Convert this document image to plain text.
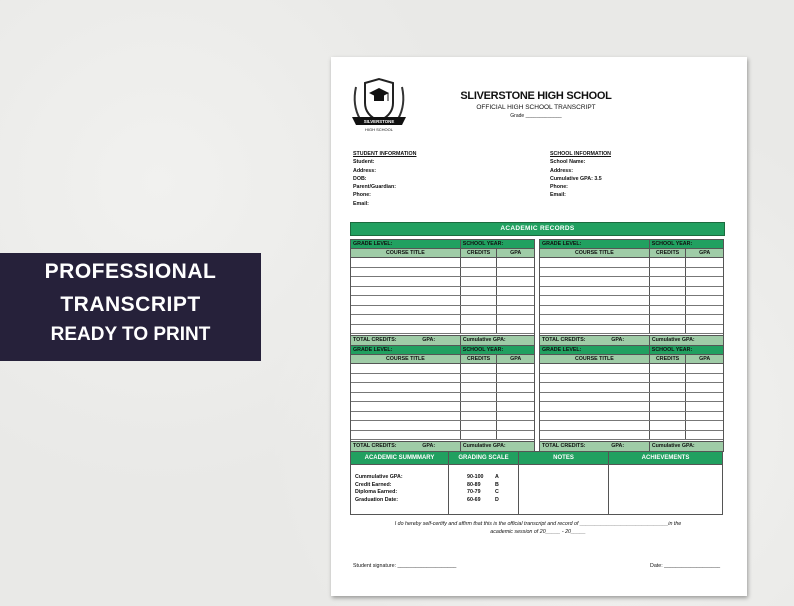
PROFESSIONAL
TRANSCRIPT
READY TO PRINT
SILVERSTONE
HIGH SCHOOL
SLIVERSTONE HIGH SCHOOL
OFFICIAL HIGH SCHOOL TRANSCRIPT
Grade _____________
STUDENT INFORMATION
Student:
Address:
DOB:
Parent/Guardian:
Phone:
Email:
SCHOOL INFORMATION
School Name:
Address:
Cumulative GPA: 3.5
Phone:
Email:
ACADEMIC RECORDS
GRADE LEVEL:	SCHOOL YEAR:
COURSE TITLE	CREDITS	GPA
TOTAL CREDITS:	GPA:	Cumulative GPA:
GRADE LEVEL:	SCHOOL YEAR:
COURSE TITLE	CREDITS	GPA
TOTAL CREDITS:	GPA:	Cumulative GPA:
GRADE LEVEL:	SCHOOL YEAR:
COURSE TITLE	CREDITS	GPA
TOTAL CREDITS:	GPA:	Cumulative GPA:
GRADE LEVEL:	SCHOOL YEAR:
COURSE TITLE	CREDITS	GPA
TOTAL CREDITS:	GPA:	Cumulative GPA:
ACADEMIC SUMMMARY
Cummulative GPA:
Credit Earned:
Diploma Earned:
Graduation Date:
GRADING SCALE
90-100	A
80-89	B
70-79	C
60-69	D
NOTES	ACHIEVEMENTS
I do hereby self-certify and affirm that this is the official transcript and record of ______________________________in the
academic session of 20_____ - 20_____
Student signature: ____________________	Date: ___________________
